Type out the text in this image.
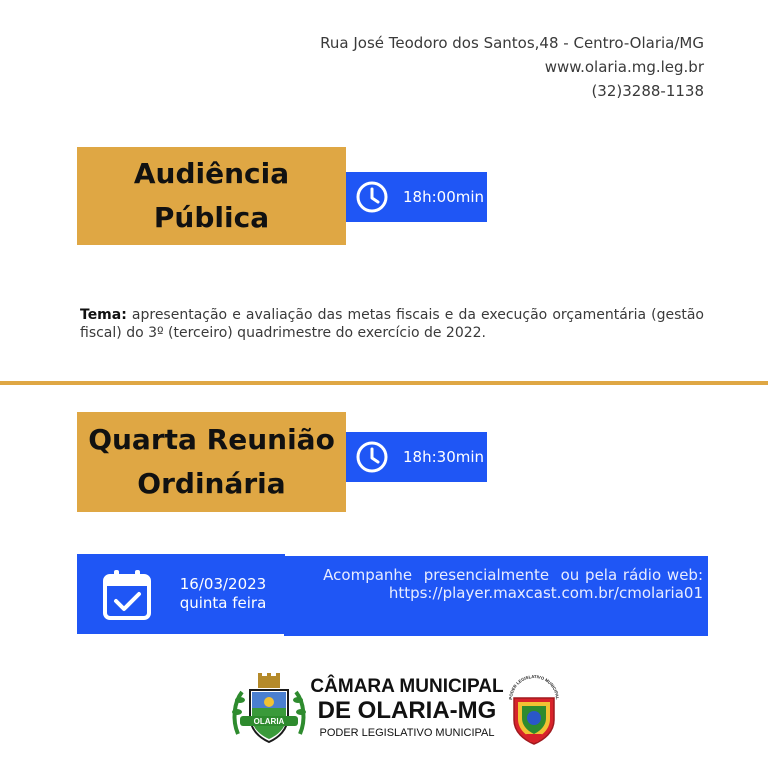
Rua José Teodoro dos Santos,48 - Centro-Olaria/MG
www.olaria.mg.leg.br
(32)3288-1138
Audiência
Pública
18h:00min
Tema: apresentação e avaliação das metas fiscais e da execução orçamentária (gestão fiscal) do 3º (terceiro) quadrimestre do exercício de 2022.
Quarta Reunião
Ordinária
18h:30min
16/03/2023
quinta feira
Acompanhe  presencialmente  ou pela rádio web:
https://player.maxcast.com.br/cmolaria01
OLARIA
CÂMARA MUNICIPAL
DE OLARIA-MG
PODER LEGISLATIVO MUNICIPAL
PODER LEGISLATIVO MUNICIPAL
